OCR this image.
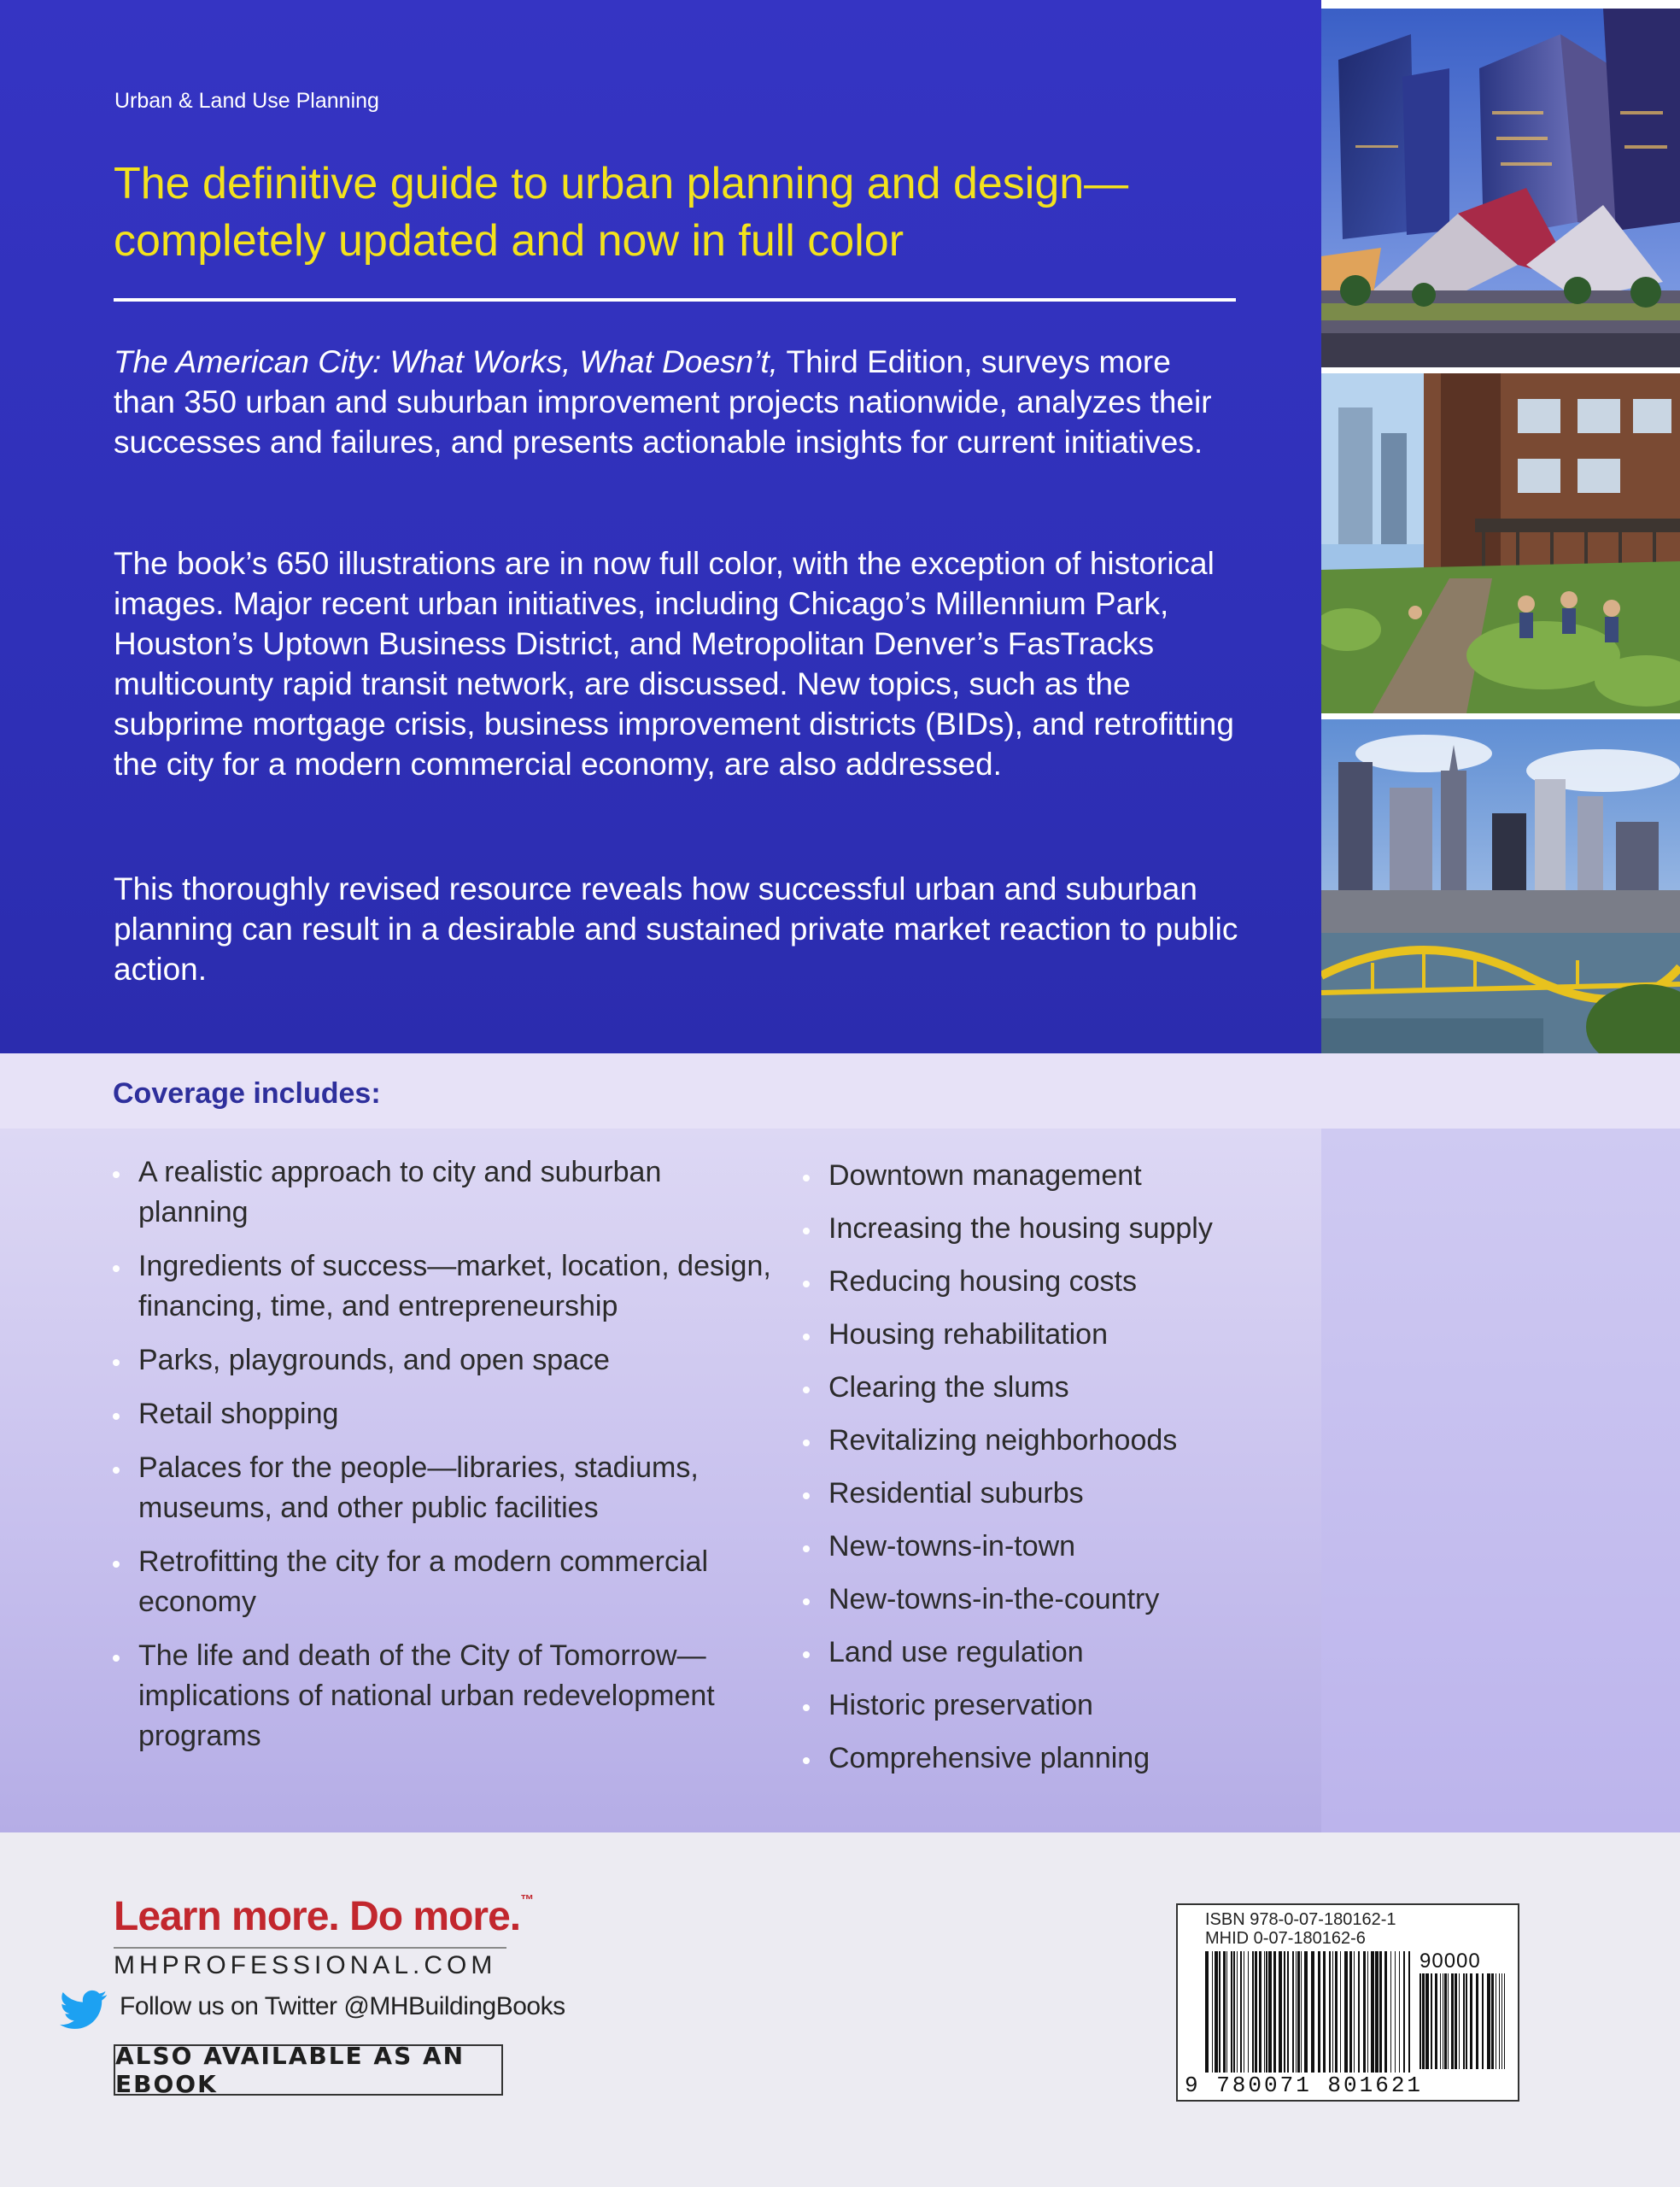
Urban & Land Use Planning
The definitive guide to urban planning and design—
completely updated and now in full color

The American City: What Works, What Doesn’t, Third Edition, surveys more than 350 urban and suburban improvement projects nationwide, analyzes their successes and failures, and presents actionable insights for current initiatives.

The book’s 650 illustrations are in now full color, with the exception of historical images. Major recent urban initiatives, including Chicago’s Millennium Park, Houston’s Uptown Business District, and Metropolitan Denver’s FasTracks multicounty rapid transit network, are discussed. New topics, such as the subprime mortgage crisis, business improvement districts (BIDs), and retrofitting the city for a modern commercial economy, are also addressed.

This thoroughly revised resource reveals how successful urban and suburban planning can result in a desirable and sustained private market reaction to public action.

Coverage includes:
A realistic approach to city and suburban planning
Ingredients of success—market, location, design, financing, time, and entrepreneurship
Parks, playgrounds, and open space
Retail shopping
Palaces for the people—libraries, stadiums, museums, and other public facilities
Retrofitting the city for a modern commercial economy
The life and death of the City of Tomorrow—implications of national urban redevelopment programs
Downtown management
Increasing the housing supply
Reducing housing costs
Housing rehabilitation
Clearing the slums
Revitalizing neighborhoods
Residential suburbs
New-towns-in-town
New-towns-in-the-country
Land use regulation
Historic preservation
Comprehensive planning
Learn more. Do more.™
MHPROFESSIONAL.COM
Follow us on Twitter @MHBuildingBooks
ALSO AVAILABLE AS AN EBOOK
ISBN 978-0-07-180162-1
MHID 0-07-180162-6
90000
9 780071 801621
